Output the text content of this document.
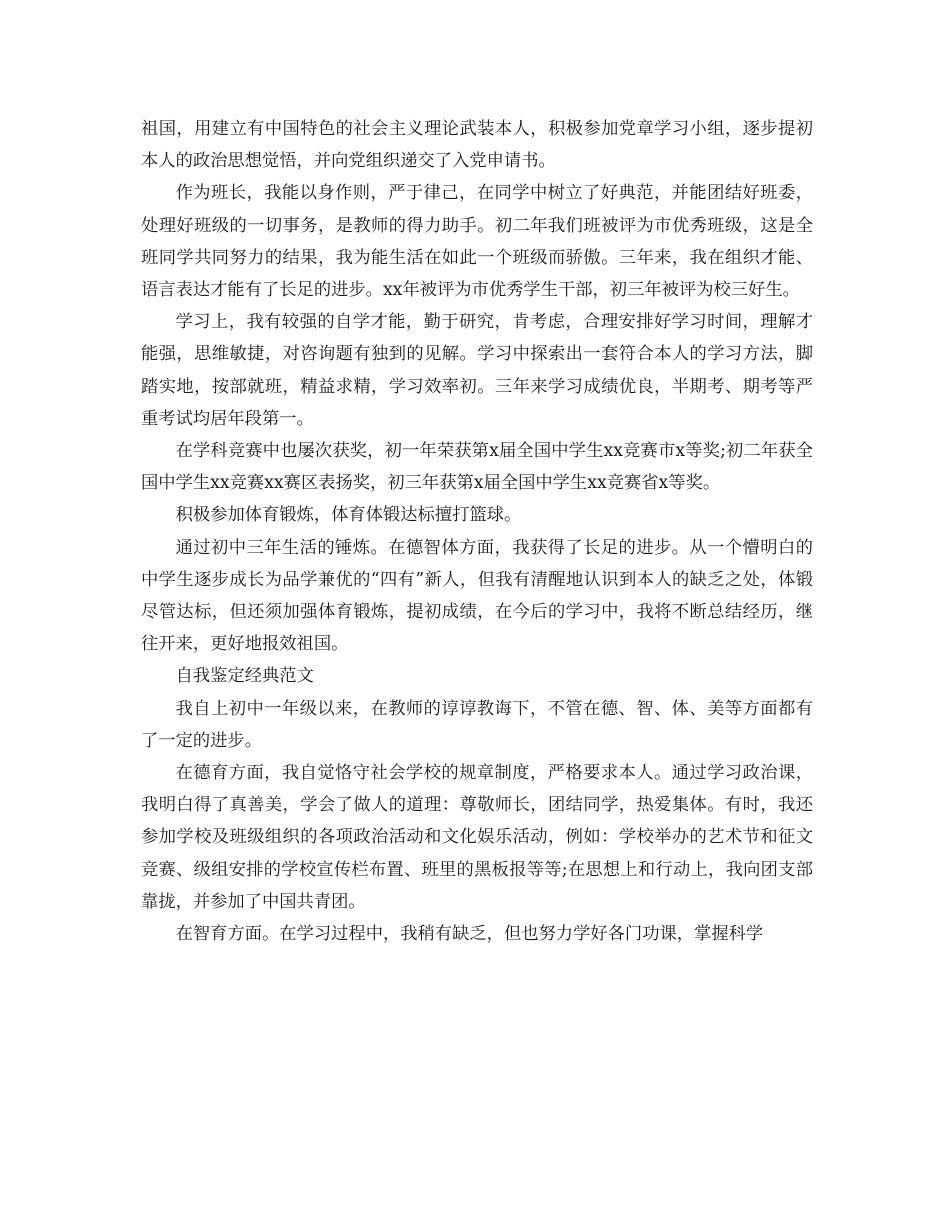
祖国，用建立有中国特色的社会主义理论武装本人，积极参加党章学习小组，逐步提初本人的政治思想觉悟，并向党组织递交了入党申请书。

作为班长，我能以身作则，严于律己，在同学中树立了好典范，并能团结好班委，处理好班级的一切事务，是教师的得力助手。初二年我们班被评为市优秀班级，这是全班同学共同努力的结果，我为能生活在如此一个班级而骄傲。三年来，我在组织才能、语言表达才能有了长足的进步。xx年被评为市优秀学生干部，初三年被评为校三好生。

学习上，我有较强的自学才能，勤于研究，肯考虑，合理安排好学习时间，理解才能强，思维敏捷，对咨询题有独到的见解。学习中探索出一套符合本人的学习方法，脚踏实地，按部就班，精益求精，学习效率初。三年来学习成绩优良，半期考、期考等严重考试均居年段第一。

在学科竞赛中也屡次获奖，初一年荣获第x届全国中学生xx竞赛市x等奖;初二年获全国中学生xx竞赛xx赛区表扬奖，初三年获第x届全国中学生xx竞赛省x等奖。

积极参加体育锻炼，体育体锻达标擅打篮球。

通过初中三年生活的锤炼。在德智体方面，我获得了长足的进步。从一个懵明白的中学生逐步成长为品学兼优的“四有”新人，但我有清醒地认识到本人的缺乏之处，体锻尽管达标，但还须加强体育锻炼，提初成绩，在今后的学习中，我将不断总结经历，继往开来，更好地报效祖国。

自我鉴定经典范文

我自上初中一年级以来，在教师的谆谆教诲下，不管在德、智、体、美等方面都有了一定的进步。

在德育方面，我自觉恪守社会学校的规章制度，严格要求本人。通过学习政治课，我明白得了真善美，学会了做人的道理：尊敬师长，团结同学，热爱集体。有时，我还参加学校及班级组织的各项政治活动和文化娱乐活动，例如：学校举办的艺术节和征文竞赛、级组安排的学校宣传栏布置、班里的黑板报等等;在思想上和行动上，我向团支部靠拢，并参加了中国共青团。

在智育方面。在学习过程中，我稍有缺乏，但也努力学好各门功课，掌握科学
